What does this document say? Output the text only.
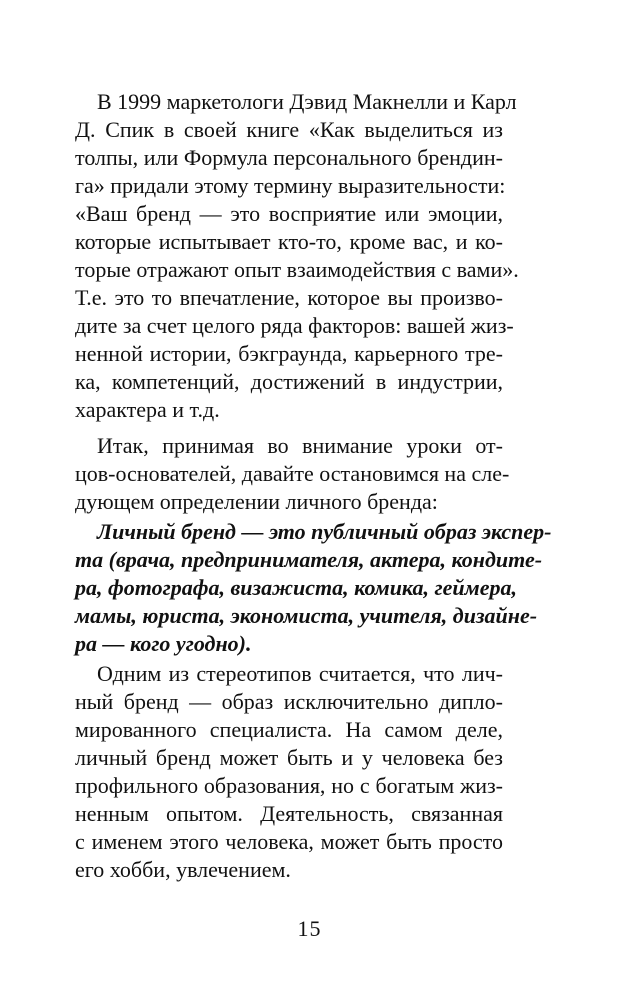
В 1999 маркетологи Дэвид Макнелли и Карл
Д. Спик в своей книге «Как выделиться из
толпы, или Формула персонального брендин-
га» придали этому термину выразительности:
«Ваш бренд — это восприятие или эмоции,
которые испытывает кто-то, кроме вас, и ко-
торые отражают опыт взаимодействия с вами».
Т.е. это то впечатление, которое вы произво-
дите за счет целого ряда факторов: вашей жиз-
ненной истории, бэкграунда, карьерного тре-
ка, компетенций, достижений в индустрии,
характера и т.д.
Итак, принимая во внимание уроки от-
цов-основателей, давайте остановимся на сле-
дующем определении личного бренда:
Личный бренд — это публичный образ экспер-
та (врача, предпринимателя, актера, кондите-
ра, фотографа, визажиста, комика, геймера,
мамы, юриста, экономиста, учителя, дизайне-
ра — кого угодно).
Одним из стереотипов считается, что лич-
ный бренд — образ исключительно дипло-
мированного специалиста. На самом деле,
личный бренд может быть и у человека без
профильного образования, но с богатым жиз-
ненным опытом. Деятельность, связанная
с именем этого человека, может быть просто
его хобби, увлечением.
15
